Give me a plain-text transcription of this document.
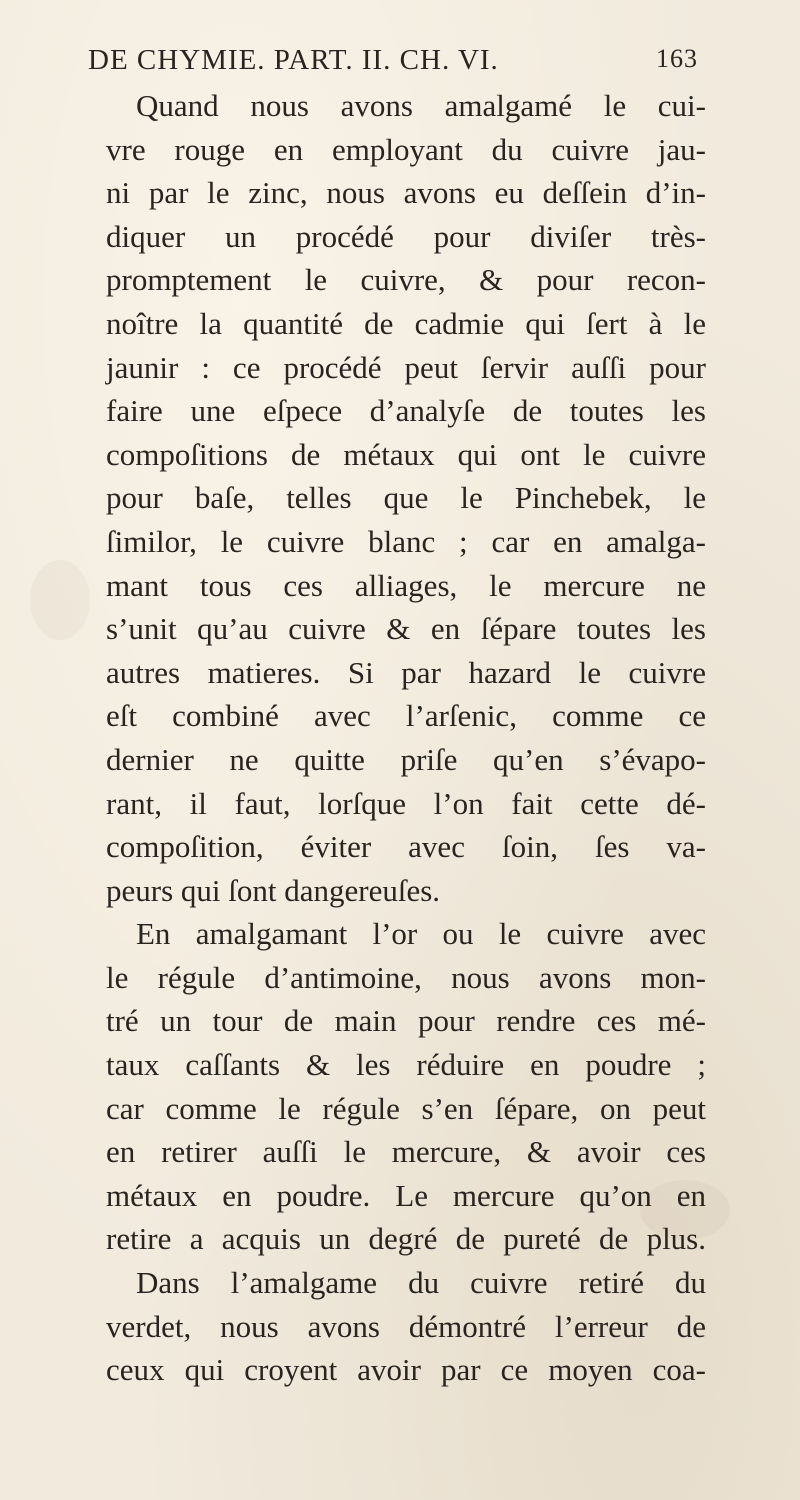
DE CHYMIE. PART. II. CH. VI.	163
Quand nous avons amalgamé le cui-
vre rouge en employant du cuivre jau-
ni par le zinc, nous avons eu deſſein d’in-
diquer un procédé pour diviſer très-
promptement le cuivre, & pour recon-
noître la quantité de cadmie qui ſert à le
jaunir : ce procédé peut ſervir auſſi pour
faire une eſpece d’analyſe de toutes les
compoſitions de métaux qui ont le cuivre
pour baſe, telles que le Pinchebek, le
ſimilor, le cuivre blanc ; car en amalga-
mant tous ces alliages, le mercure ne
s’unit qu’au cuivre & en ſépare toutes les
autres matieres. Si par hazard le cuivre
eſt combiné avec l’arſenic, comme ce
dernier ne quitte priſe qu’en s’évapo-
rant, il faut, lorſque l’on fait cette dé-
compoſition, éviter avec ſoin, ſes va-
peurs qui ſont dangereuſes.
En amalgamant l’or ou le cuivre avec
le régule d’antimoine, nous avons mon-
tré un tour de main pour rendre ces mé-
taux caſſants & les réduire en poudre ;
car comme le régule s’en ſépare, on peut
en retirer auſſi le mercure, & avoir ces
métaux en poudre. Le mercure qu’on en
retire a acquis un degré de pureté de plus.
Dans l’amalgame du cuivre retiré du
verdet, nous avons démontré l’erreur de
ceux qui croyent avoir par ce moyen coa-
